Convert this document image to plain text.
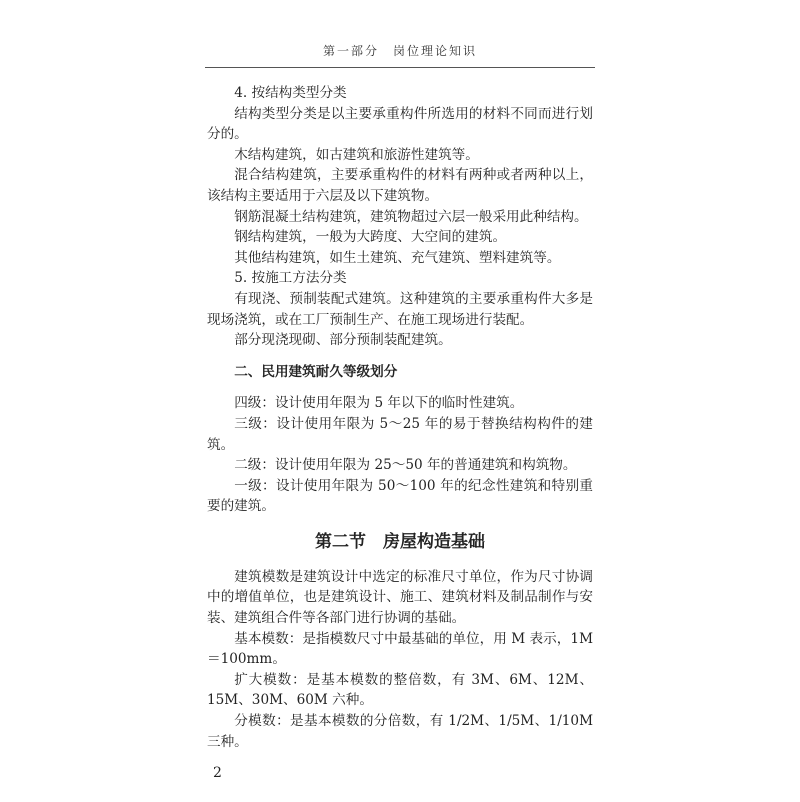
第一部分　岗位理论知识

4. 按结构类型分类

结构类型分类是以主要承重构件所选用的材料不同而进行划分的。

木结构建筑，如古建筑和旅游性建筑等。

混合结构建筑，主要承重构件的材料有两种或者两种以上，该结构主要适用于六层及以下建筑物。

钢筋混凝土结构建筑，建筑物超过六层一般采用此种结构。

钢结构建筑，一般为大跨度、大空间的建筑。

其他结构建筑，如生土建筑、充气建筑、塑料建筑等。

5. 按施工方法分类

有现浇、预制装配式建筑。这种建筑的主要承重构件大多是现场浇筑，或在工厂预制生产、在施工现场进行装配。

部分现浇现砌、部分预制装配建筑。

二、民用建筑耐久等级划分

四级：设计使用年限为 5 年以下的临时性建筑。

三级：设计使用年限为 5～25 年的易于替换结构构件的建筑。

二级：设计使用年限为 25～50 年的普通建筑和构筑物。

一级：设计使用年限为 50～100 年的纪念性建筑和特别重要的建筑。

第二节　房屋构造基础

建筑模数是建筑设计中选定的标准尺寸单位，作为尺寸协调中的增值单位，也是建筑设计、施工、建筑材料及制品制作与安装、建筑组合件等各部门进行协调的基础。

基本模数：是指模数尺寸中最基础的单位，用 M 表示，1M＝100mm。

扩大模数：是基本模数的整倍数，有 3M、6M、12M、15M、30M、60M 六种。

分模数：是基本模数的分倍数，有 1/2M、1/5M、1/10M 三种。

2
